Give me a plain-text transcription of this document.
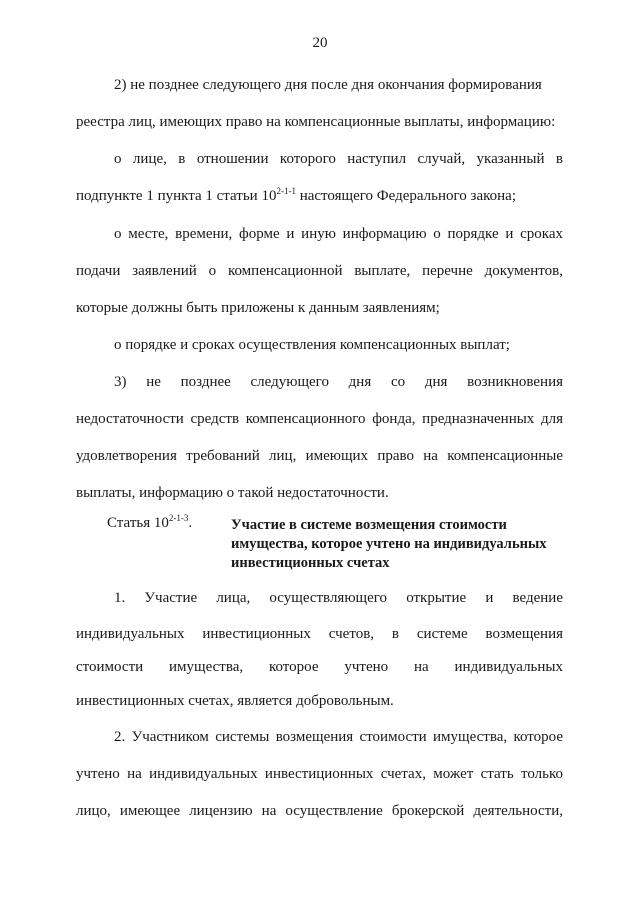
20
2) не позднее следующего дня после дня окончания формирования
реестра лиц, имеющих право на компенсационные выплаты, информацию:
о лице, в отношении которого наступил случай, указанный в
подпункте 1 пункта 1 статьи 10$^{2-1-1}$ настоящего Федерального закона;
о месте, времени, форме и иную информацию о порядке и сроках
подачи заявлений о компенсационной выплате, перечне документов,
которые должны быть приложены к данным заявлениям;
о порядке и сроках осуществления компенсационных выплат;
3) не позднее следующего дня со дня возникновения
недостаточности средств компенсационного фонда, предназначенных для
удовлетворения требований лиц, имеющих право на компенсационные
выплаты, информацию о такой недостаточности.
Статья 10$^{2-1-3}$.	Участие в системе возмещения стоимости
имущества, которое учтено на индивидуальных
инвестиционных счетах
1. Участие лица, осуществляющего открытие и ведение
индивидуальных инвестиционных счетов, в системе возмещения
стоимости имущества, которое учтено на индивидуальных
инвестиционных счетах, является добровольным.
2. Участником системы возмещения стоимости имущества, которое
учтено на индивидуальных инвестиционных счетах, может стать только
лицо, имеющее лицензию на осуществление брокерской деятельности,
